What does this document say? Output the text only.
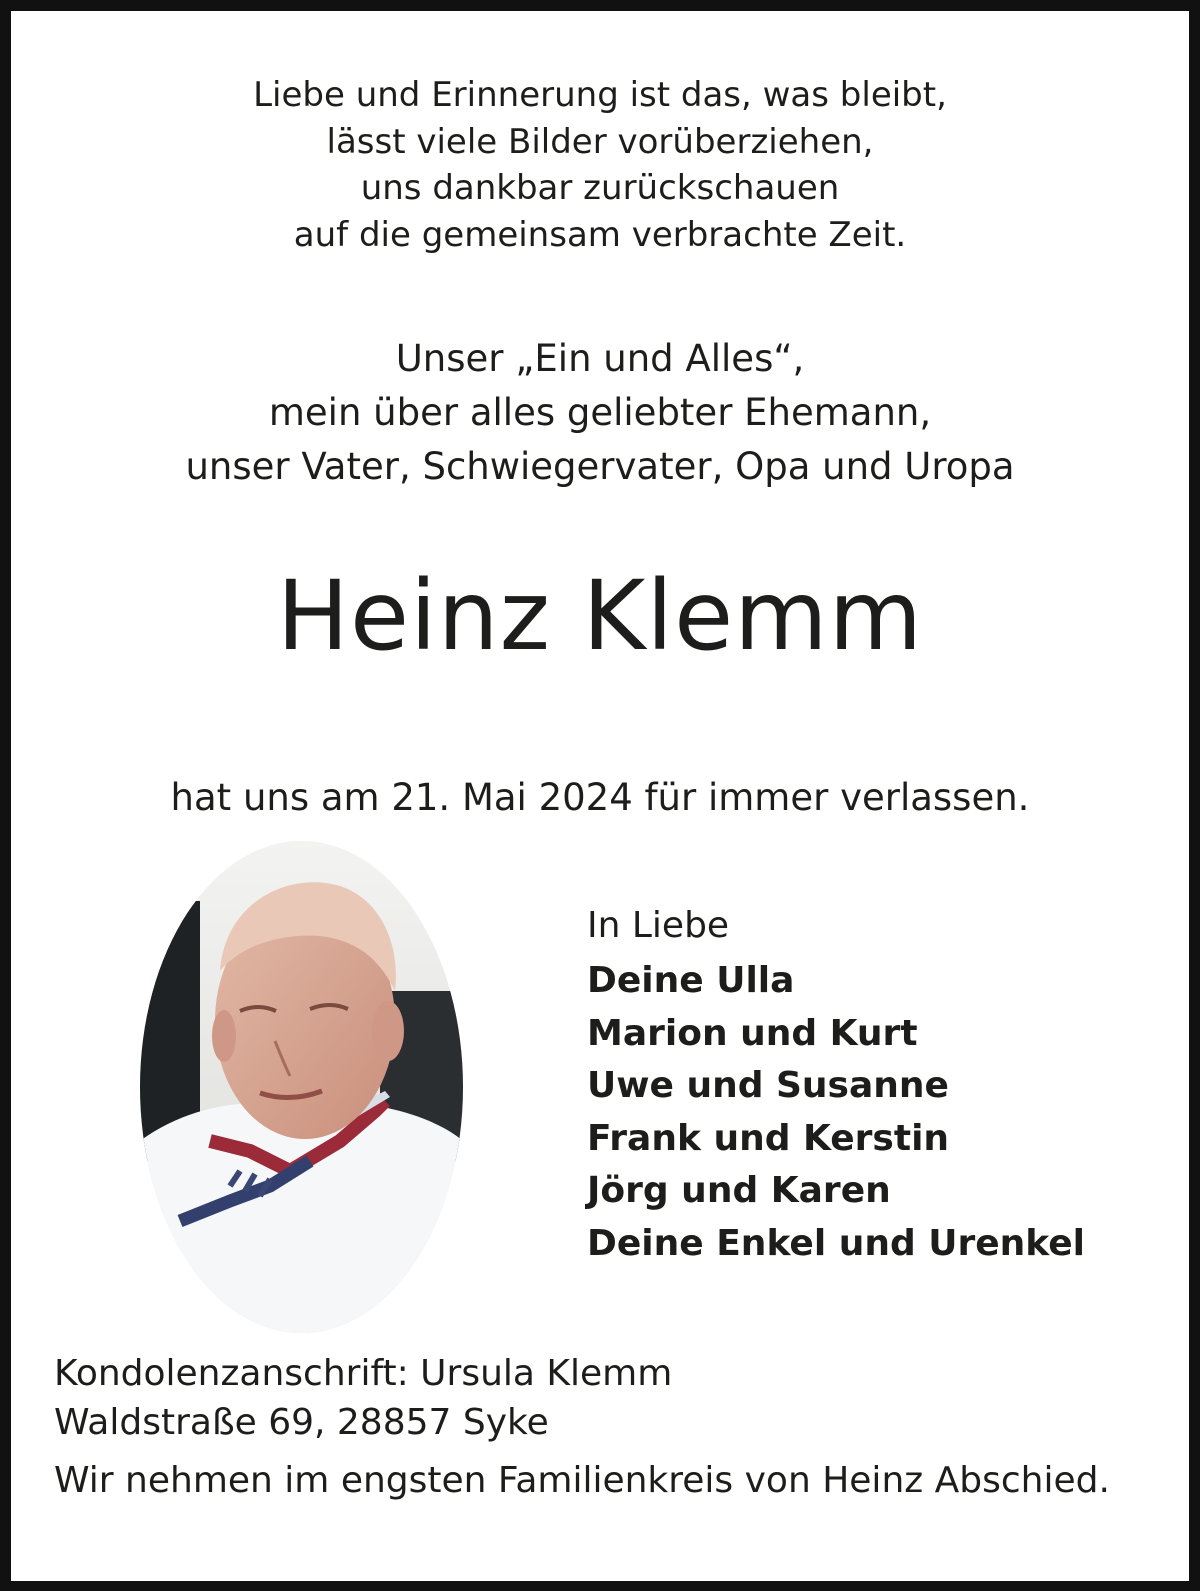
Liebe und Erinnerung ist das, was bleibt,
lässt viele Bilder vorüberziehen,
uns dankbar zurückschauen
auf die gemeinsam verbrachte Zeit.
Unser „Ein und Alles“,
mein über alles geliebter Ehemann,
unser Vater, Schwiegervater, Opa und Uropa
Heinz Klemm
hat uns am 21. Mai 2024 für immer verlassen.
In Liebe
Deine Ulla
Marion und Kurt
Uwe und Susanne
Frank und Kerstin
Jörg und Karen
Deine Enkel und Urenkel
Kondolenzanschrift: Ursula Klemm
Waldstraße 69, 28857 Syke
Wir nehmen im engsten Familienkreis von Heinz Abschied.
